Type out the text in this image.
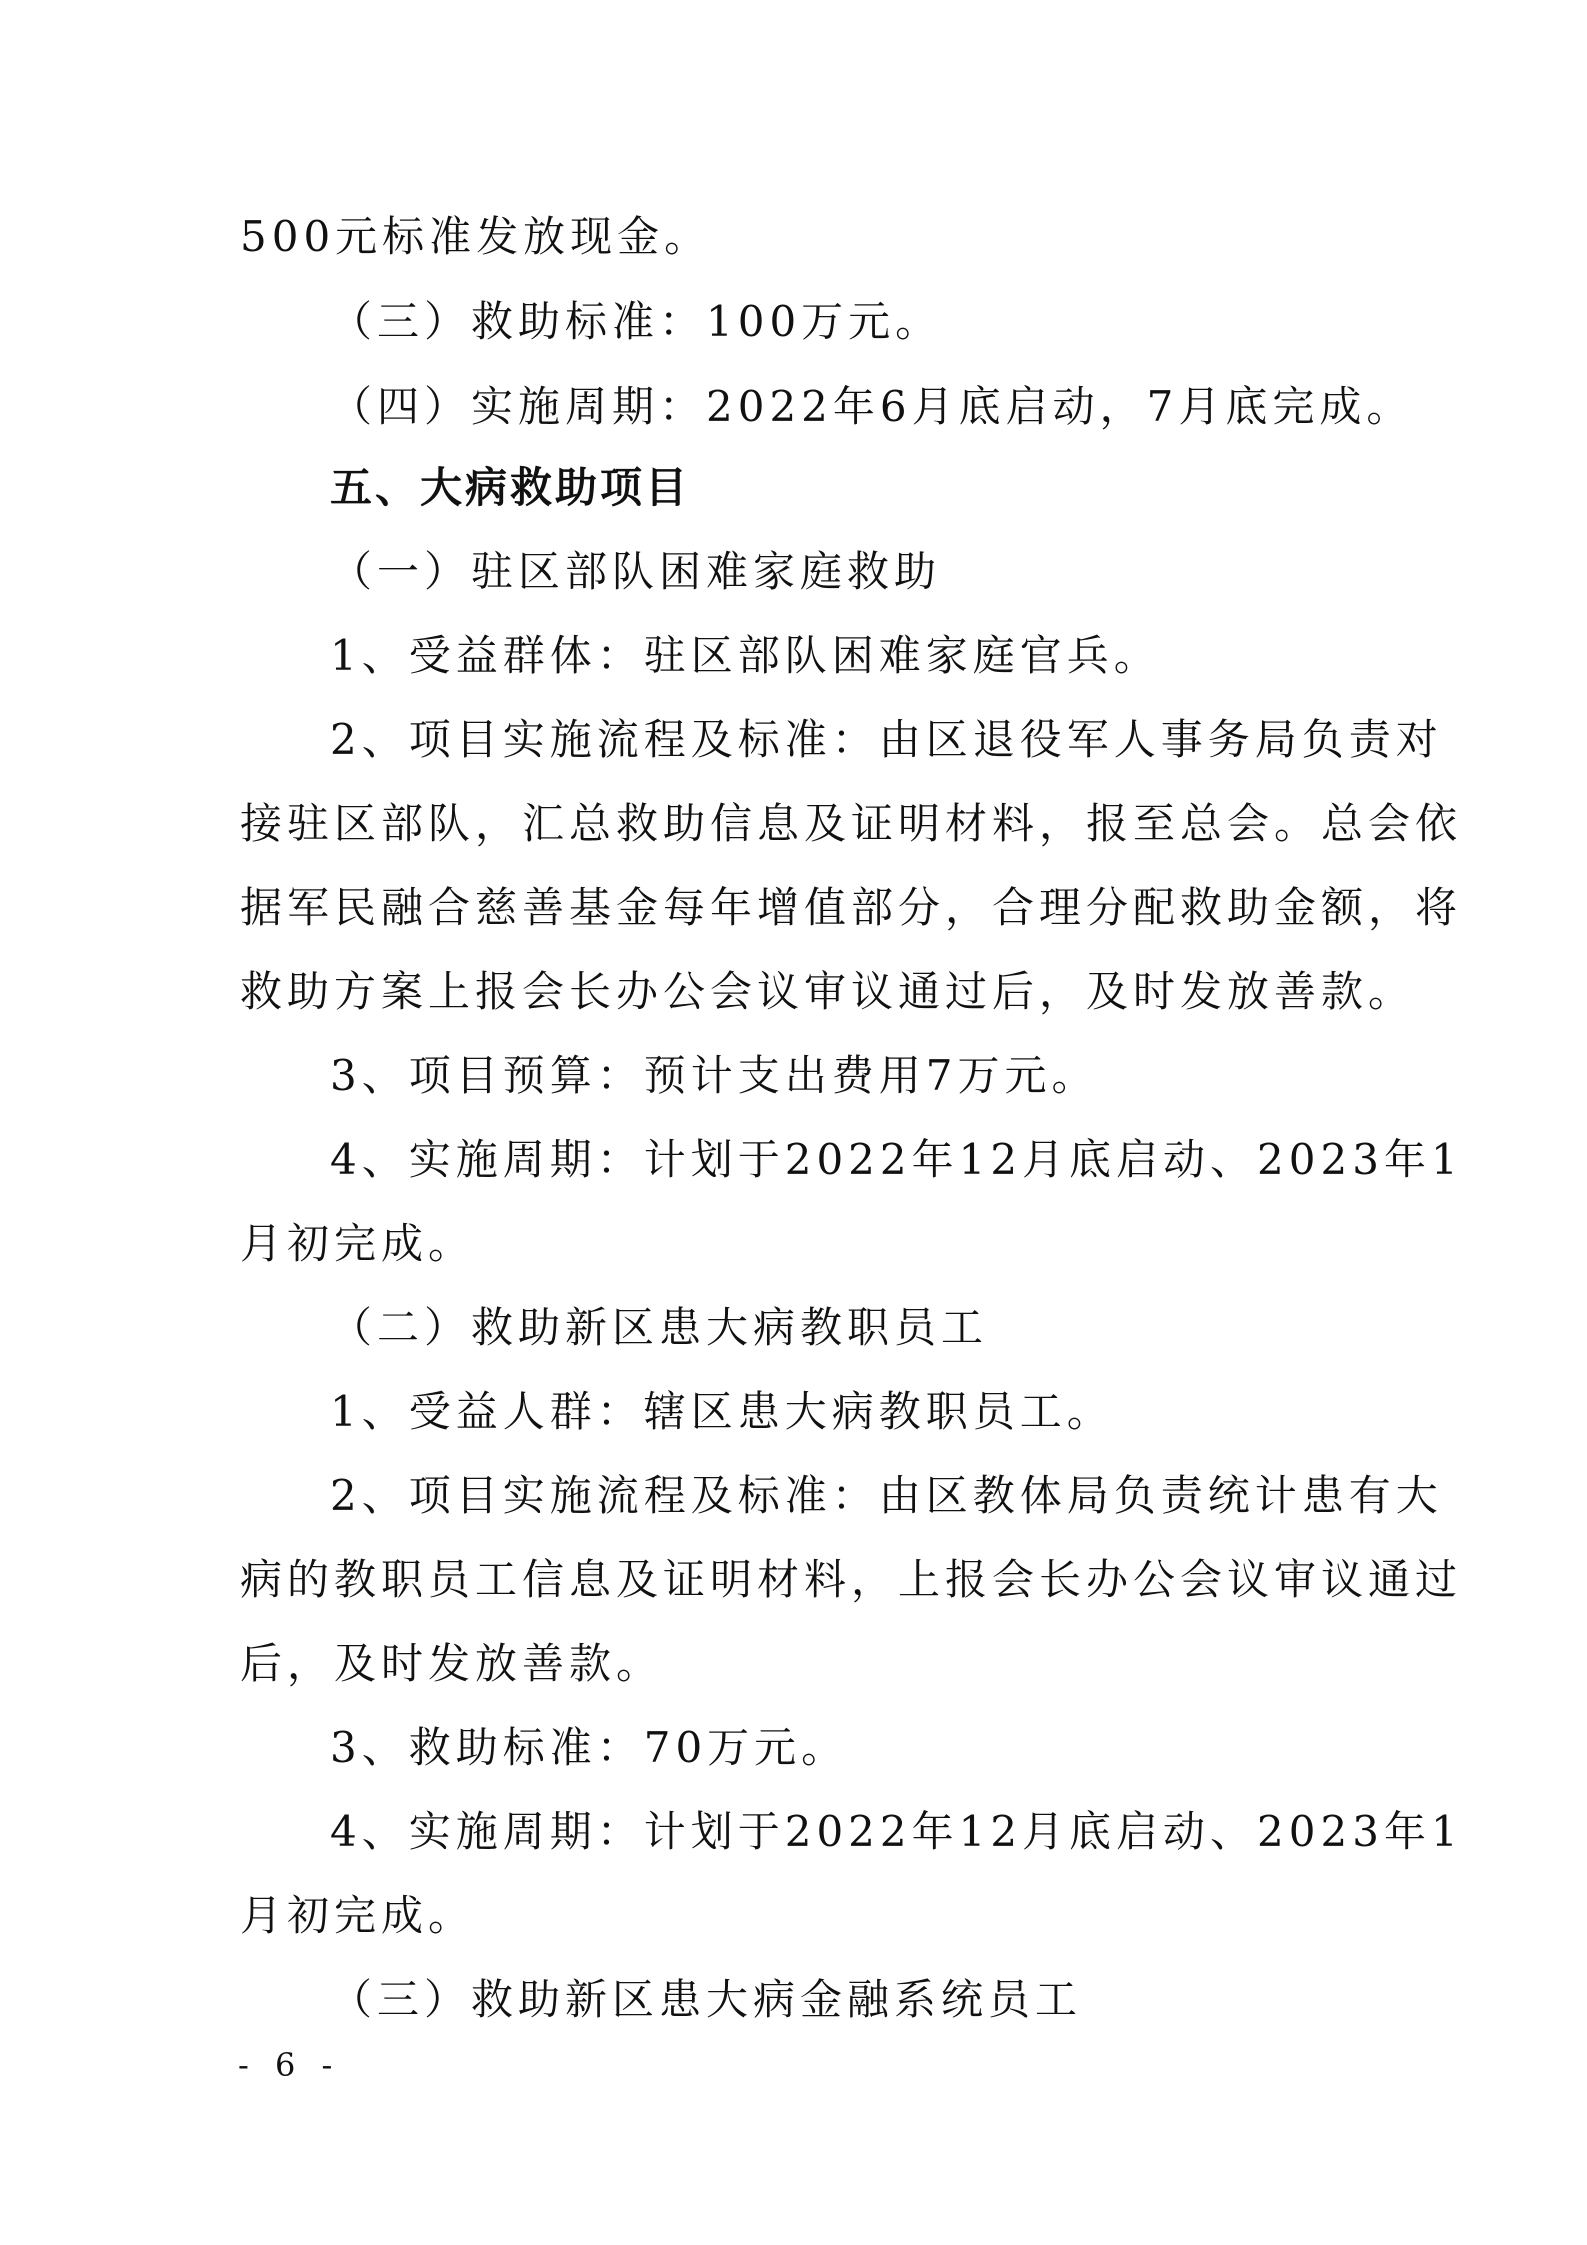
500元标准发放现金。
（三）救助标准：100万元。
（四）实施周期：2022年6月底启动，7月底完成。
五、大病救助项目
（一）驻区部队困难家庭救助
1、受益群体：驻区部队困难家庭官兵。
2、项目实施流程及标准：由区退役军人事务局负责对
接驻区部队，汇总救助信息及证明材料，报至总会。总会依
据军民融合慈善基金每年增值部分，合理分配救助金额，将
救助方案上报会长办公会议审议通过后，及时发放善款。
3、项目预算：预计支出费用7万元。
4、实施周期：计划于2022年12月底启动、2023年1
月初完成。
（二）救助新区患大病教职员工
1、受益人群：辖区患大病教职员工。
2、项目实施流程及标准：由区教体局负责统计患有大
病的教职员工信息及证明材料，上报会长办公会议审议通过
后，及时发放善款。
3、救助标准：70万元。
4、实施周期：计划于2022年12月底启动、2023年1
月初完成。
（三）救助新区患大病金融系统员工
- 6 -
